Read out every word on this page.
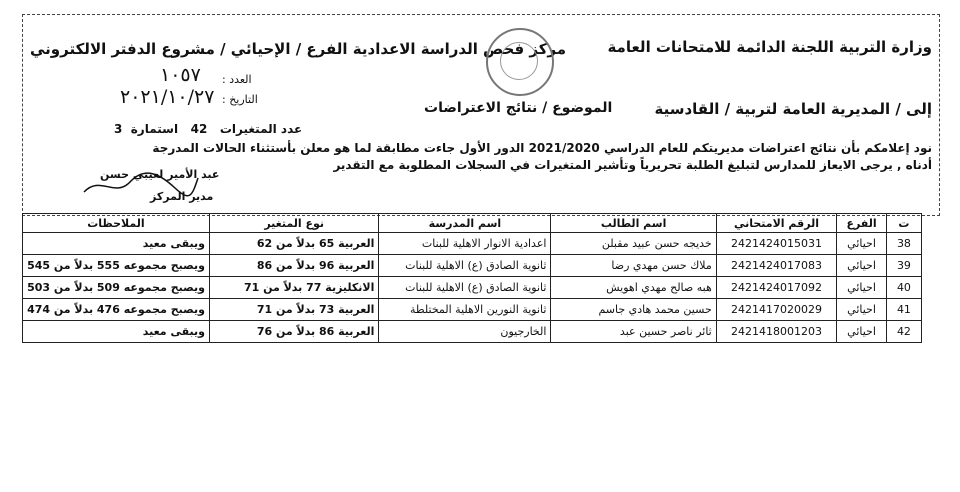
وزارة التربية اللجنة الدائمة للامتحانات العامة
مركز فحص الدراسة الاعدادية الفرع / الإحيائي / مشروع الدفتر الالكتروني
العدد :
١٠٥٧
التاريخ :
٢٠٢١/١٠/٢٧
إلى / المديرية العامة لتربية / القادسية
الموضوع / نتائج الاعتراضات
عدد المتغيرات   42   استمارة  3
نود إعلامكم بأن نتائج اعتراضات مديريتكم للعام الدراسي 2021/2020 الدور الأول جاءت مطابقة لما هو معلن بأستثناء الحالات المدرجة
أدناه , يرجى الايعاز للمدارس لتبليغ الطلبة تحريرياً وتأشير المتغيرات في السجلات المطلوبة مع التقدير
عبد الأمير لعيبي حسن
مدير المركز
ت	الفرع	الرقم الامتحاني	اسم الطالب	اسم المدرسة	نوع المتغير	الملاحظات
38	احيائي	2421424015031	خديجه حسن عبيد مقبلن	اعدادية الانوار الاهلية للبنات	العربية 65 بدلاً من 62	ويبقى معيد
39	احيائي	2421424017083	ملاك حسن مهدي رضا	ثانوية الصادق (ع) الاهلية للبنات	العربية 96 بدلاً من 86	ويصبح مجموعه 555 بدلاً من 545
40	احيائي	2421424017092	هبه صالح مهدي اهويش	ثانوية الصادق (ع) الاهلية للبنات	الانكليزية 77 بدلاً من 71	ويصبح مجموعه 509 بدلاً من 503
41	احيائي	2421417020029	حسين محمد هادي جاسم	ثانوية النورين الاهلية المختلطة	العربية 73 بدلاً من 71	ويصبح مجموعه 476 بدلاً من 474
42	احيائي	2421418001203	ثائر ناصر حسين عبد	الخارجيون	العربية 86 بدلاً من 76	ويبقى معيد
